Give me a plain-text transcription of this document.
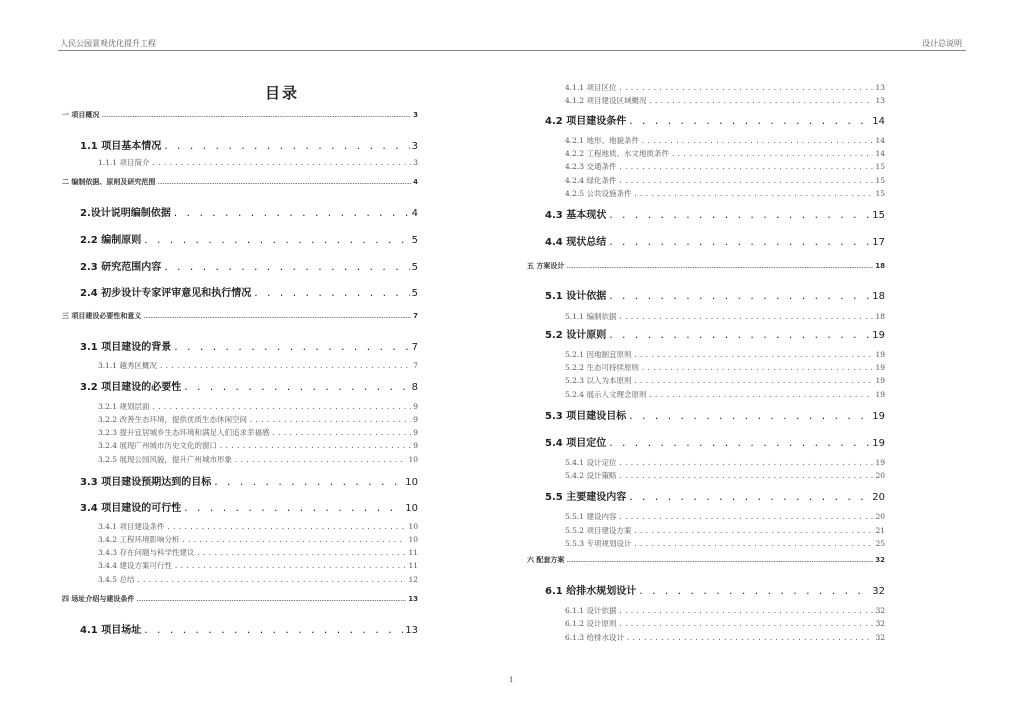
人民公园景观优化提升工程	设计总说明
目录
一 项目概况 .....	3
1.1 项目基本情况 . . .	3
1.1.1 项目简介 .....	3
二 编制依据、原则及研究范围 .....	4
2.设计说明编制依据 . . .	4
2.2 编制原则 . . .	5
2.3 研究范围内容 . . .	5
2.4 初步设计专家评审意见和执行情况 . . .	5
三 项目建设必要性和意义 .....	7
3.1 项目建设的背景 . . .	7
3.1.1 越秀区概况 .....	7
3.2 项目建设的必要性 . . .	8
3.2.1 规划层面 .....	9
3.2.2 改善生态环境，提供优质生态休闲空间 .....	9
3.2.3 提升宜居城乡生态环境和满足人们追求幸福感 .....	9
3.2.4 展现广州城市历史文化的窗口 .....	9
3.2.5 展现公园风貌，提升广州城市形象 .....	10
3.3 项目建设预期达到的目标 . . .	10
3.4 项目建设的可行性 . . .	10
3.4.1 项目建设条件 .....	10
3.4.2 工程环境影响分析 .....	10
3.4.3 存在问题与科学性建议 .....	11
3.4.4 建设方案可行性 .....	11
3.4.5 总结 .....	12
四 场址介绍与建设条件 .....	13
4.1 项目场址 . . .	13
4.1.1 项目区位 .....	13
4.1.2 项目建设区域概况 .....	13
4.2 项目建设条件 . . .	14
4.2.1 地形、地貌条件 .....	14
4.2.2 工程地质、水文地质条件 .....	14
4.2.3 交通条件 .....	15
4.2.4 绿化条件 .....	15
4.2.5 公共设施条件 .....	15
4.3 基本现状 . . .	15
4.4 现状总结 . . .	17
五 方案设计 .....	18
5.1 设计依据 . . .	18
5.1.1 编制依据 .....	18
5.2 设计原则 . . .	19
5.2.1 因地制宜原则 .....	19
5.2.2 生态可持续原则 .....	19
5.2.3 以人为本原则 .....	19
5.2.4 展示人文理念原则 .....	19
5.3 项目建设目标 . . .	19
5.4 项目定位 . . .	19
5.4.1 设计定位 .....	19
5.4.2 设计策略 .....	20
5.5 主要建设内容 . . .	20
5.5.1 建设内容 .....	20
5.5.2 项目建设方案 .....	21
5.5.3 专项规划设计 .....	25
六 配套方案 .....	32
6.1 给排水规划设计 . . .	32
6.1.1 设计依据 .....	32
6.1.2 设计原则 .....	32
6.1.3 给排水设计 .....	32
1
